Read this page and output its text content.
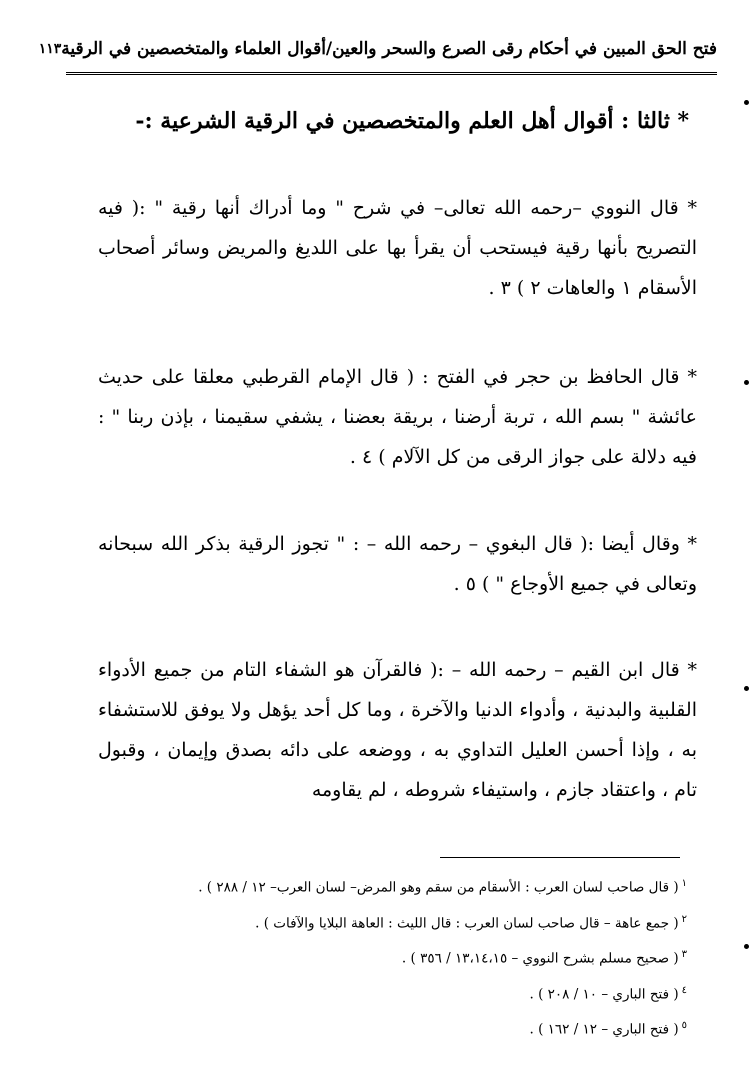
فتح الحق المبين في أحكام رقى الصرع والسحر والعين/أقوال العلماء والمتخصصين في الرقية
١١٣
* ثالثا : أقوال أهل العلم والمتخصصين في الرقية الشرعية :-
* قال النووي –رحمه الله تعالى– في شرح " وما أدراك أنها رقية " :( فيه التصريح بأنها رقية فيستحب أن يقرأ بها على اللديغ والمريض وسائر أصحاب الأسقام ١ والعاهات ٢ ) ٣ .
* قال الحافظ بن حجر في الفتح : ( قال الإمام القرطبي معلقا على حديث عائشة " بسم الله ، تربة أرضنا ، بريقة بعضنا ، يشفي سقيمنا ، بإذن ربنا " : فيه دلالة على جواز الرقى من كل الآلام ) ٤ .
* وقال أيضا :( قال البغوي – رحمه الله – : " تجوز الرقية بذكر الله سبحانه وتعالى في جميع الأوجاع " ) ٥ .
* قال ابن القيم – رحمه الله – :( فالقرآن هو الشفاء التام من جميع الأدواء القلبية والبدنية ، وأدواء الدنيا والآخرة ، وما كل أحد يؤهل ولا يوفق للاستشفاء به ، وإذا أحسن العليل التداوي به ، ووضعه على دائه بصدق وإيمان ، وقبول تام ، واعتقاد جازم ، واستيفاء شروطه ، لم يقاومه
$^١$( قال صاحب لسان العرب : الأسقام من سقم وهو المرض– لسان العرب– ١٢ / ٢٨٨ ) .
$^٢$( جمع عاهة – قال صاحب لسان العرب : قال الليث : العاهة البلايا والآفات ) .
$^٣$( صحيح مسلم بشرح النووي – ١٣،١٤،١٥ / ٣٥٦ ) .
$^٤$( فتح الباري – ١٠ / ٢٠٨ ) .
$^٥$( فتح الباري – ١٢ / ١٦٢ ) .
